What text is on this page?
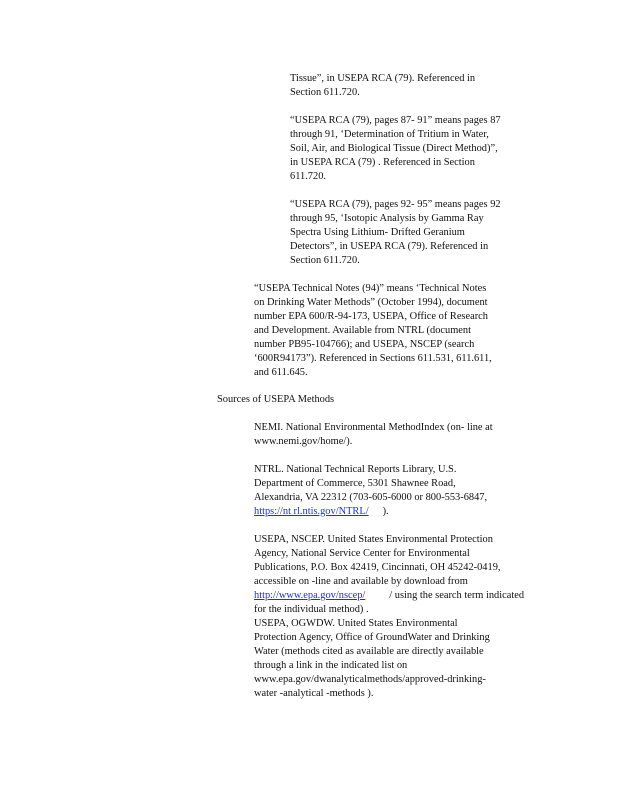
Tissue”, in USEPA RCA (79). Referenced in
Section 611.720.
“USEPA RCA (79), pages 87- 91” means pages 87
through 91, ‘Determination of Tritium in Water,
Soil, Air, and Biological Tissue (Direct Method)”,
in USEPA RCA (79) . Referenced in Section
611.720.
“USEPA RCA (79), pages 92- 95” means pages 92
through 95, ‘Isotopic Analysis by Gamma Ray
Spectra Using Lithium- Drifted Geranium
Detectors”, in USEPA RCA (79). Referenced in
Section 611.720.
“USEPA Technical Notes (94)” means ‘Technical Notes
on Drinking Water Methods” (October 1994), document
number EPA 600/R-94-173, USEPA, Office of Research
and Development. Available from NTRL (document
number PB95-104766); and USEPA, NSCEP (search
‘600R94173”). Referenced in Sections 611.531, 611.611,
and 611.645.
Sources of USEPA Methods
NEMI. National Environmental MethodIndex (on- line at
www.nemi.gov/home/).
NTRL. National Technical Reports Library, U.S.
Department of Commerce, 5301 Shawnee Road,
Alexandria, VA 22312 (703-605-6000 or 800-553-6847,
https://nt rl.ntis.gov/NTRL/ ).
USEPA, NSCEP. United States Environmental Protection
Agency, National Service Center for Environmental
Publications, P.O. Box 42419, Cincinnati, OH 45242-0419,
accessible on -line and available by download from
http://www.epa.gov/nscep/ / using the search term indicated
for the individual method) .
USEPA, OGWDW. United States Environmental
Protection Agency, Office of GroundWater and Drinking
Water (methods cited as available are directly available
through a link in the indicated list on
www.epa.gov/dwanalyticalmethods/approved-drinking-
water -analytical -methods ).
